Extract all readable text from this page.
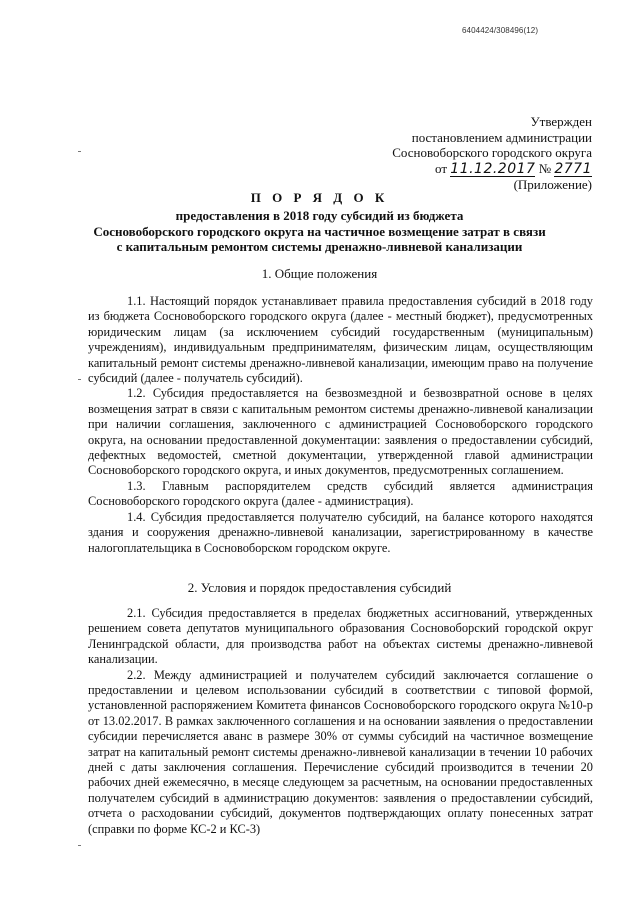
6404424/308496(12)
Утвержден
постановлением администрации
Сосновоборского городского округа
от 11.12.2017 № 2771
(Приложение)
П О Р Я Д О К
предоставления в 2018 году субсидий из бюджета
Сосновоборского городского округа на частичное возмещение затрат в связи
с капитальным ремонтом системы дренажно-ливневой канализации
1. Общие положения

1.1. Настоящий порядок устанавливает правила предоставления субсидий в 2018 году из бюджета Сосновоборского городского округа (далее - местный бюджет), предусмотренных юридическим лицам (за исключением субсидий государственным (муниципальным) учреждениям), индивидуальным предпринимателям, физическим лицам, осуществляющим капитальный ремонт системы дренажно-ливневой канализации, имеющим право на получение субсидий (далее - получатель субсидий).

1.2. Субсидия предоставляется на безвозмездной и безвозвратной основе в целях возмещения затрат в связи с капитальным ремонтом системы дренажно-ливневой канализации при наличии соглашения, заключенного с администрацией Сосновоборского городского округа, на основании предоставленной документации: заявления о предоставлении субсидий, дефектных ведомостей, сметной документации, утвержденной главой администрации Сосновоборского городского округа, и иных документов, предусмотренных соглашением.

1.3. Главным распорядителем средств субсидий является администрация Сосновоборского городского округа (далее - администрация).

1.4. Субсидия предоставляется получателю субсидий, на балансе которого находятся здания и сооружения дренажно-ливневой канализации, зарегистрированному в качестве налогоплательщика в Сосновоборском городском округе.

2. Условия и порядок предоставления субсидий

2.1. Субсидия предоставляется в пределах бюджетных ассигнований, утвержденных решением совета депутатов муниципального образования Сосновоборский городской округ Ленинградской области, для производства работ на объектах системы дренажно-ливневой канализации.

2.2. Между администрацией и получателем субсидий заключается соглашение о предоставлении и целевом использовании субсидий в соответствии с типовой формой, установленной распоряжением Комитета финансов Сосновоборского городского округа №10-р от 13.02.2017. В рамках заключенного соглашения и на основании заявления о предоставлении субсидии перечисляется аванс в размере 30% от суммы субсидий на частичное возмещение затрат на капитальный ремонт системы дренажно-ливневой канализации в течении 10 рабочих дней с даты заключения соглашения. Перечисление субсидий производится в течении 20 рабочих дней ежемесячно, в месяце следующем за расчетным, на основании предоставленных получателем субсидий в администрацию документов: заявления о предоставлении субсидий, отчета о расходовании субсидий, документов подтверждающих оплату понесенных затрат (справки по форме КС-2 и КС-3)
